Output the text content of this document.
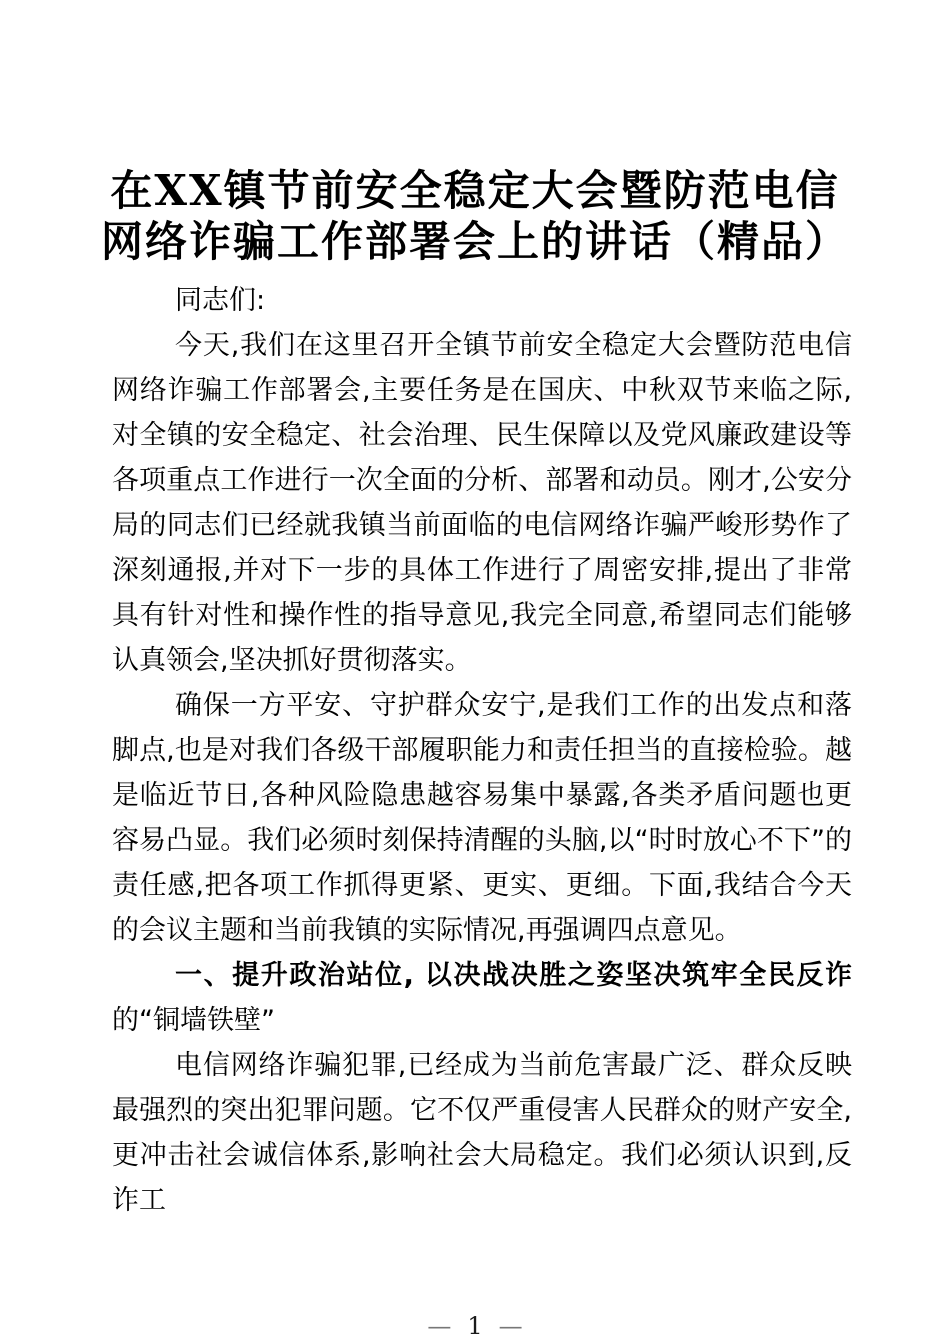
在XX镇节前安全稳定大会暨防范电信
网络诈骗工作部署会上的讲话（精品）

同志们:

今天,我们在这里召开全镇节前安全稳定大会暨防范电信网络诈骗工作部署会,主要任务是在国庆、中秋双节来临之际,对全镇的安全稳定、社会治理、民生保障以及党风廉政建设等各项重点工作进行一次全面的分析、部署和动员。刚才,公安分局的同志们已经就我镇当前面临的电信网络诈骗严峻形势作了深刻通报,并对下一步的具体工作进行了周密安排,提出了非常具有针对性和操作性的指导意见,我完全同意,希望同志们能够认真领会,坚决抓好贯彻落实。

确保一方平安、守护群众安宁,是我们工作的出发点和落脚点,也是对我们各级干部履职能力和责任担当的直接检验。越是临近节日,各种风险隐患越容易集中暴露,各类矛盾问题也更容易凸显。我们必须时刻保持清醒的头脑,以“时时放心不下”的责任感,把各项工作抓得更紧、更实、更细。下面,我结合今天的会议主题和当前我镇的实际情况,再强调四点意见。

一、提升政治站位, 以决战决胜之姿坚决筑牢全民反诈的“铜墙铁壁”

电信网络诈骗犯罪,已经成为当前危害最广泛、群众反映最强烈的突出犯罪问题。它不仅严重侵害人民群众的财产安全,更冲击社会诚信体系,影响社会大局稳定。我们必须认识到,反诈工

— 1 —
